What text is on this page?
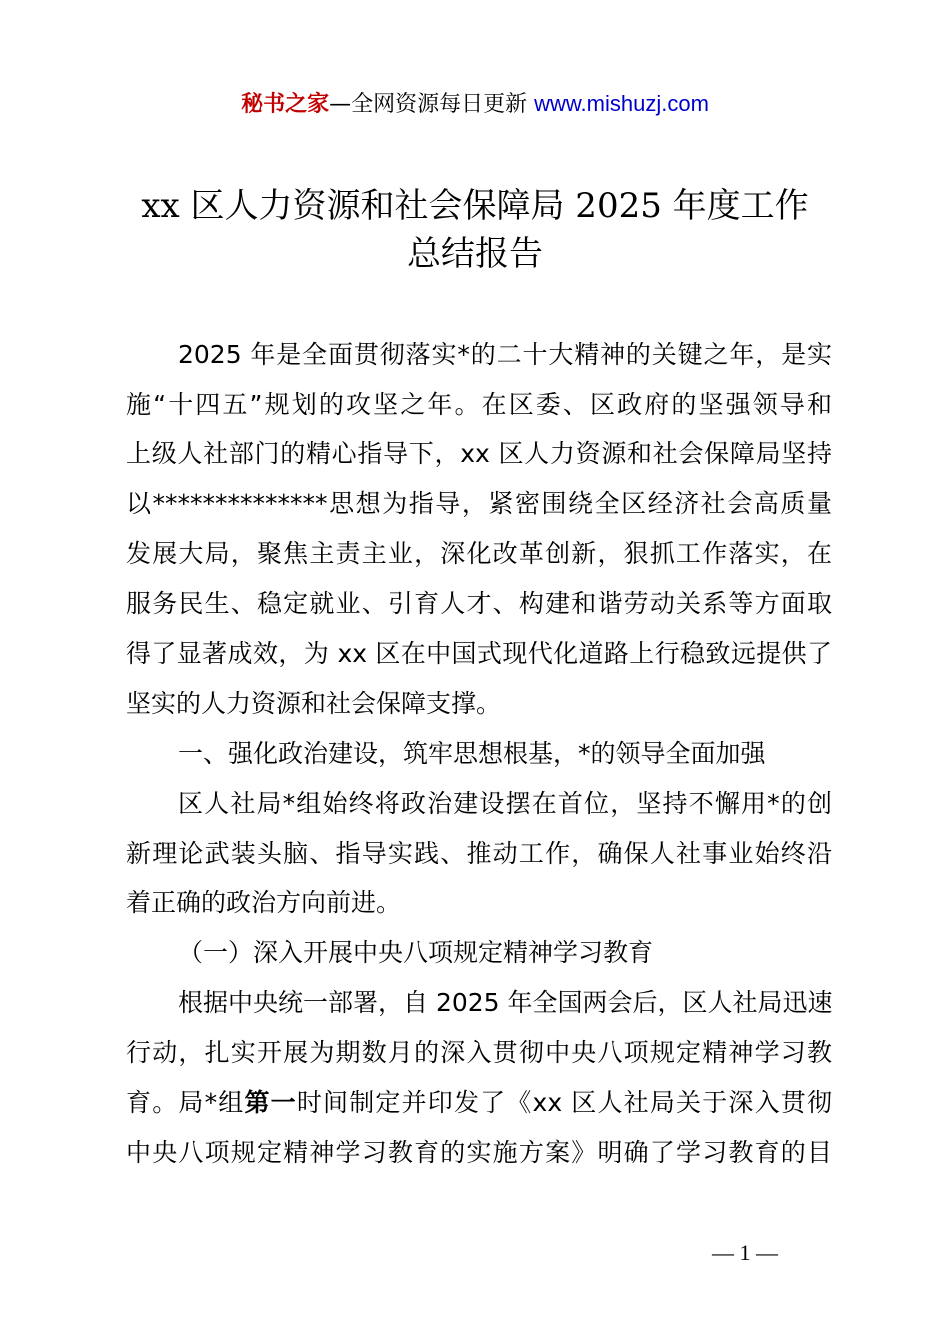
秘书之家—全网资源每日更新 www.mishuzj.com
xx 区人力资源和社会保障局 2025 年度工作
总结报告
2025 年是全面贯彻落实*的二十大精神的关键之年，是实
施“十四五”规划的攻坚之年。在区委、区政府的坚强领导和
上级人社部门的精心指导下，xx 区人力资源和社会保障局坚持
以**************思想为指导，紧密围绕全区经济社会高质量
发展大局，聚焦主责主业，深化改革创新，狠抓工作落实，在
服务民生、稳定就业、引育人才、构建和谐劳动关系等方面取
得了显著成效，为 xx 区在中国式现代化道路上行稳致远提供了
坚实的人力资源和社会保障支撑。
一、强化政治建设，筑牢思想根基，*的领导全面加强
区人社局*组始终将政治建设摆在首位，坚持不懈用*的创
新理论武装头脑、指导实践、推动工作，确保人社事业始终沿
着正确的政治方向前进。
（一）深入开展中央八项规定精神学习教育
根据中央统一部署，自 2025 年全国两会后，区人社局迅速
行动，扎实开展为期数月的深入贯彻中央八项规定精神学习教
育。局*组第一时间制定并印发了《xx 区人社局关于深入贯彻
中央八项规定精神学习教育的实施方案》明确了学习教育的目
— 1 —
